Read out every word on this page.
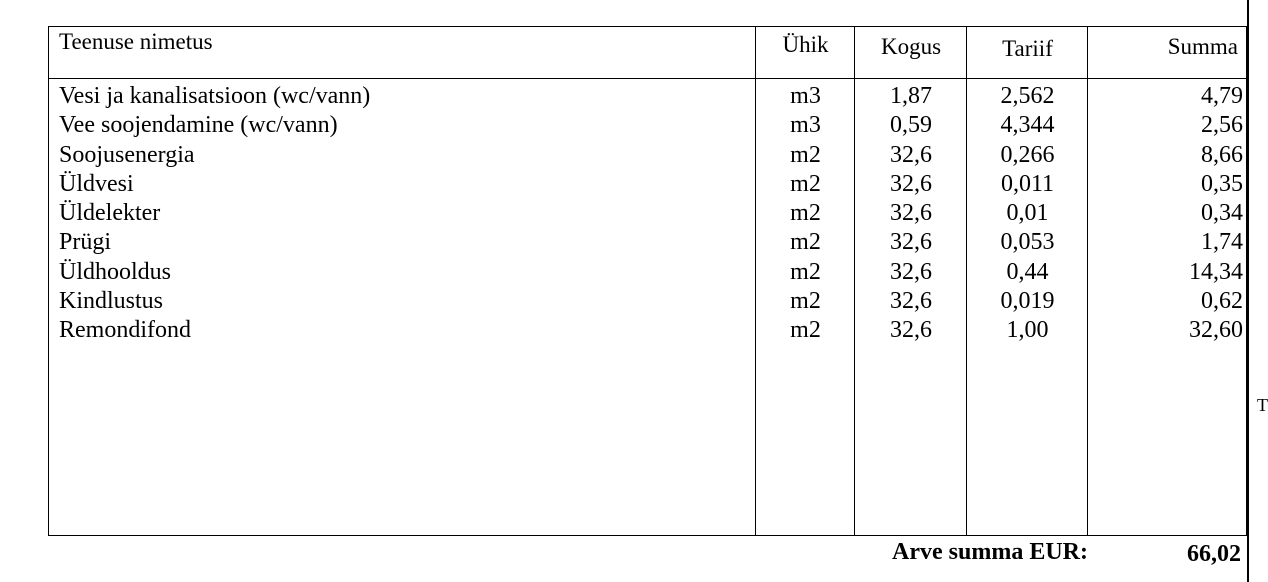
T
Teenuse nimetus	Ühik	Kogus	Tariif	Summa
Vesi ja kanalisatsioon (wc/vann)	m3	1,87	2,562	4,79
Vee soojendamine (wc/vann)	m3	0,59	4,344	2,56
Soojusenergia	m2	32,6	0,266	8,66
Üldvesi	m2	32,6	0,011	0,35
Üldelekter	m2	32,6	0,01	0,34
Prügi	m2	32,6	0,053	1,74
Üldhooldus	m2	32,6	0,44	14,34
Kindlustus	m2	32,6	0,019	0,62
Remondifond	m2	32,6	1,00	32,60
Arve summa EUR:	66,02
